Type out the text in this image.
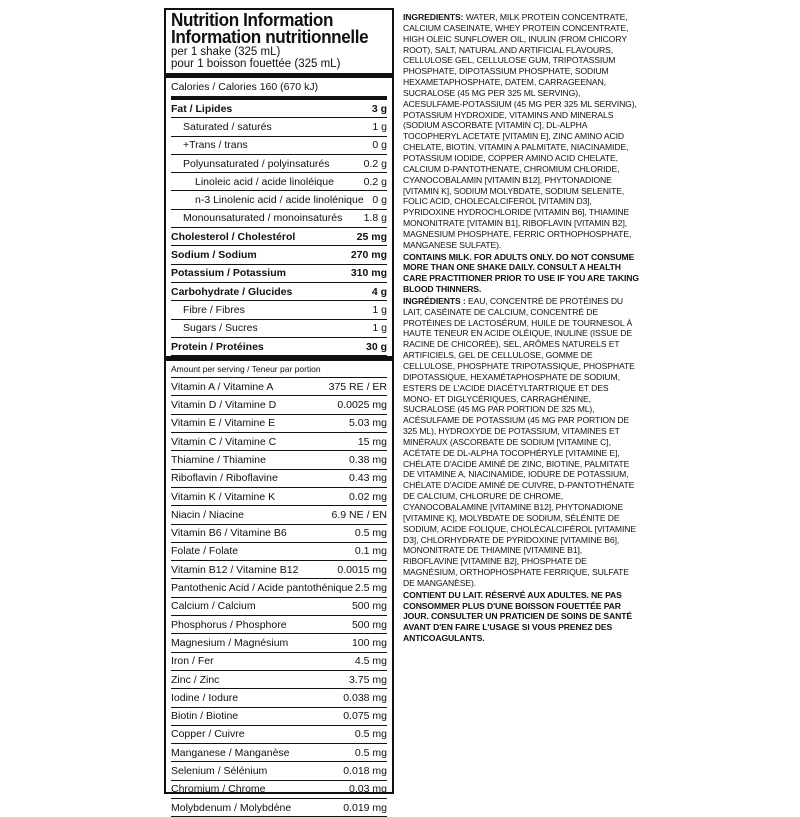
Nutrition Information
Information nutritionnelle
per 1 shake (325 mL)
pour 1 boisson fouettée (325 mL)
Calories / Calories 160 (670 kJ)
Fat / Lipides	3 g
Saturated / saturés	1 g
+Trans / trans	0 g
Polyunsaturated / polyinsaturés	0.2 g
Linoleic acid / acide linoléique	0.2 g
n-3 Linolenic acid / acide linolénique 0 g
Monounsaturated / monoinsaturés 1.8 g
Cholesterol / Cholestérol	25 mg
Sodium / Sodium	270 mg
Potassium / Potassium	310 mg
Carbohydrate / Glucides	4 g
Fibre / Fibres	1 g
Sugars / Sucres	1 g
Protein / Protéines	30 g
Amount per serving / Teneur par portion
Vitamin A / Vitamine A	375 RE / ER
Vitamin D / Vitamine D	0.0025 mg
Vitamin E / Vitamine E	5.03 mg
Vitamin C / Vitamine C	15 mg
Thiamine / Thiamine	0.38 mg
Riboflavin / Riboflavine	0.43 mg
Vitamin K / Vitamine K	0.02 mg
Niacin / Niacine	6.9 NE / EN
Vitamin B6 / Vitamine B6	0.5 mg
Folate / Folate	0.1 mg
Vitamin B12 / Vitamine B12	0.0015 mg
Pantothenic Acid / Acide pantothénique 2.5 mg
Calcium / Calcium	500 mg
Phosphorus / Phosphore	500 mg
Magnesium / Magnésium	100 mg
Iron / Fer	4.5 mg
Zinc / Zinc	3.75 mg
Iodine / Iodure	0.038 mg
Biotin / Biotine	0.075 mg
Copper / Cuivre	0.5 mg
Manganese / Manganèse	0.5 mg
Selenium / Sélénium	0.018 mg
Chromium / Chrome	0.03 mg
Molybdenum / Molybdène	0.019 mg

INGREDIENTS: WATER, MILK PROTEIN CONCENTRATE, CALCIUM CASEINATE, WHEY PROTEIN CONCENTRATE, HIGH OLEIC SUNFLOWER OIL, INULIN (FROM CHICORY ROOT), SALT, NATURAL AND ARTIFICIAL FLAVOURS, CELLULOSE GEL, CELLULOSE GUM, TRIPOTASSIUM PHOSPHATE, DIPOTASSIUM PHOSPHATE, SODIUM HEXAMETAPHOSPHATE, DATEM, CARRAGEENAN, SUCRALOSE (45 MG PER 325 ML SERVING), ACESULFAME-POTASSIUM (45 MG PER 325 ML SERVING), POTASSIUM HYDROXIDE, VITAMINS AND MINERALS (SODIUM ASCORBATE [VITAMIN C], DL-ALPHA TOCOPHERYL ACETATE [VITAMIN E], ZINC AMINO ACID CHELATE, BIOTIN, VITAMIN A PALMITATE, NIACINAMIDE, POTASSIUM IODIDE, COPPER AMINO ACID CHELATE, CALCIUM D-PANTOTHENATE, CHROMIUM CHLORIDE, CYANOCOBALAMIN [VITAMIN B12], PHYTONADIONE [VITAMIN K], SODIUM MOLYBDATE, SODIUM SELENITE, FOLIC ACID, CHOLECALCIFEROL [VITAMIN D3], PYRIDOXINE HYDROCHLORIDE [VITAMIN B6], THIAMINE MONONITRATE [VITAMIN B1], RIBOFLAVIN [VITAMIN B2], MAGNESIUM PHOSPHATE, FERRIC ORTHOPHOSPHATE, MANGANESE SULFATE).

CONTAINS MILK. FOR ADULTS ONLY. DO NOT CONSUME MORE THAN ONE SHAKE DAILY. CONSULT A HEALTH CARE PRACTITIONER PRIOR TO USE IF YOU ARE TAKING BLOOD THINNERS.

INGRÉDIENTS : EAU, CONCENTRÉ DE PROTÉINES DU LAIT, CASÉINATE DE CALCIUM, CONCENTRÉ DE PROTÉINES DE LACTOSÉRUM, HUILE DE TOURNESOL À HAUTE TENEUR EN ACIDE OLÉIQUE, INULINE (ISSUE DE RACINE DE CHICORÉE), SEL, ARÔMES NATURELS ET ARTIFICIELS, GEL DE CELLULOSE, GOMME DE CELLULOSE, PHOSPHATE TRIPOTASSIQUE, PHOSPHATE DIPOTASSIQUE, HEXAMÉTAPHOSPHATE DE SODIUM, ESTERS DE L'ACIDE DIACÉTYLTARTRIQUE ET DES MONO- ET DIGLYCÉRIQUES, CARRAGHÉNINE, SUCRALOSE (45 MG PAR PORTION DE 325 ML), ACÉSULFAME DE POTASSIUM (45 MG PAR PORTION DE 325 ML), HYDROXYDE DE POTASSIUM, VITAMINES ET MINÉRAUX (ASCORBATE DE SODIUM [VITAMINE C], ACÉTATE DE DL-ALPHA TOCOPHÉRYLE [VITAMINE E], CHÉLATE D'ACIDE AMINÉ DE ZINC, BIOTINE, PALMITATE DE VITAMINE A, NIACINAMIDE, IODURE DE POTASSIUM, CHÉLATE D'ACIDE AMINÉ DE CUIVRE, D-PANTOTHÉNATE DE CALCIUM, CHLORURE DE CHROME, CYANOCOBALAMINE [VITAMINE B12], PHYTONADIONE [VITAMINE K], MOLYBDATE DE SODIUM, SÉLÉNITE DE SODIUM, ACIDE FOLIQUE, CHOLÉCALCIFÉROL [VITAMINE D3], CHLORHYDRATE DE PYRIDOXINE [VITAMINE B6], MONONITRATE DE THIAMINE [VITAMINE B1], RIBOFLAVINE [VITAMINE B2], PHOSPHATE DE MAGNÉSIUM, ORTHOPHOSPHATE FERRIQUE, SULFATE DE MANGANÈSE).

CONTIENT DU LAIT. RÉSERVÉ AUX ADULTES. NE PAS CONSOMMER PLUS D'UNE BOISSON FOUETTÉE PAR JOUR. CONSULTER UN PRATICIEN DE SOINS DE SANTÉ AVANT D'EN FAIRE L'USAGE SI VOUS PRENEZ DES ANTICOAGULANTS.
